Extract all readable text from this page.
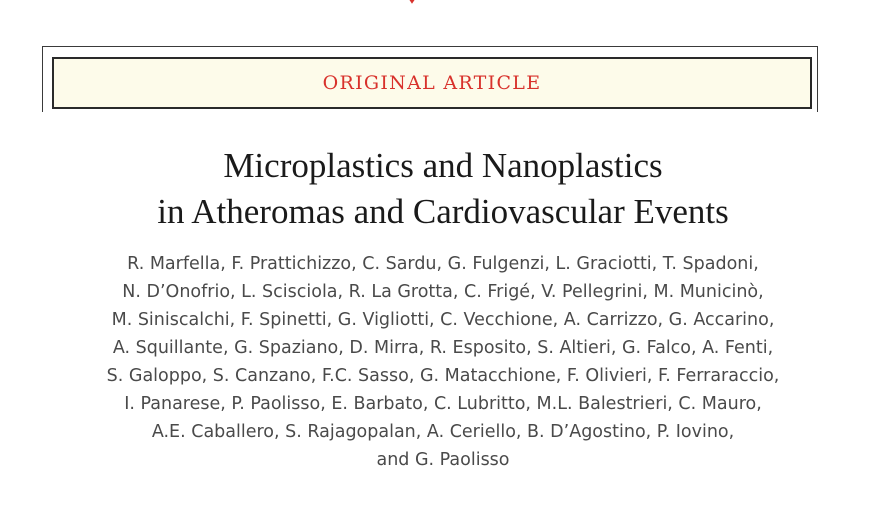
ORIGINAL ARTICLE
Microplastics and Nanoplastics
in Atheromas and Cardiovascular Events
R. Marfella, F. Prattichizzo, C. Sardu, G. Fulgenzi, L. Graciotti, T. Spadoni,
N. D’Onofrio, L. Scisciola, R. La Grotta, C. Frigé, V. Pellegrini, M. Municinò,
M. Siniscalchi, F. Spinetti, G. Vigliotti, C. Vecchione, A. Carrizzo, G. Accarino,
A. Squillante, G. Spaziano, D. Mirra, R. Esposito, S. Altieri, G. Falco, A. Fenti,
S. Galoppo, S. Canzano, F.C. Sasso, G. Matacchione, F. Olivieri, F. Ferraraccio,
I. Panarese, P. Paolisso, E. Barbato, C. Lubritto, M.L. Balestrieri, C. Mauro,
A.E. Caballero, S. Rajagopalan, A. Ceriello, B. D’Agostino, P. Iovino,
and G. Paolisso
